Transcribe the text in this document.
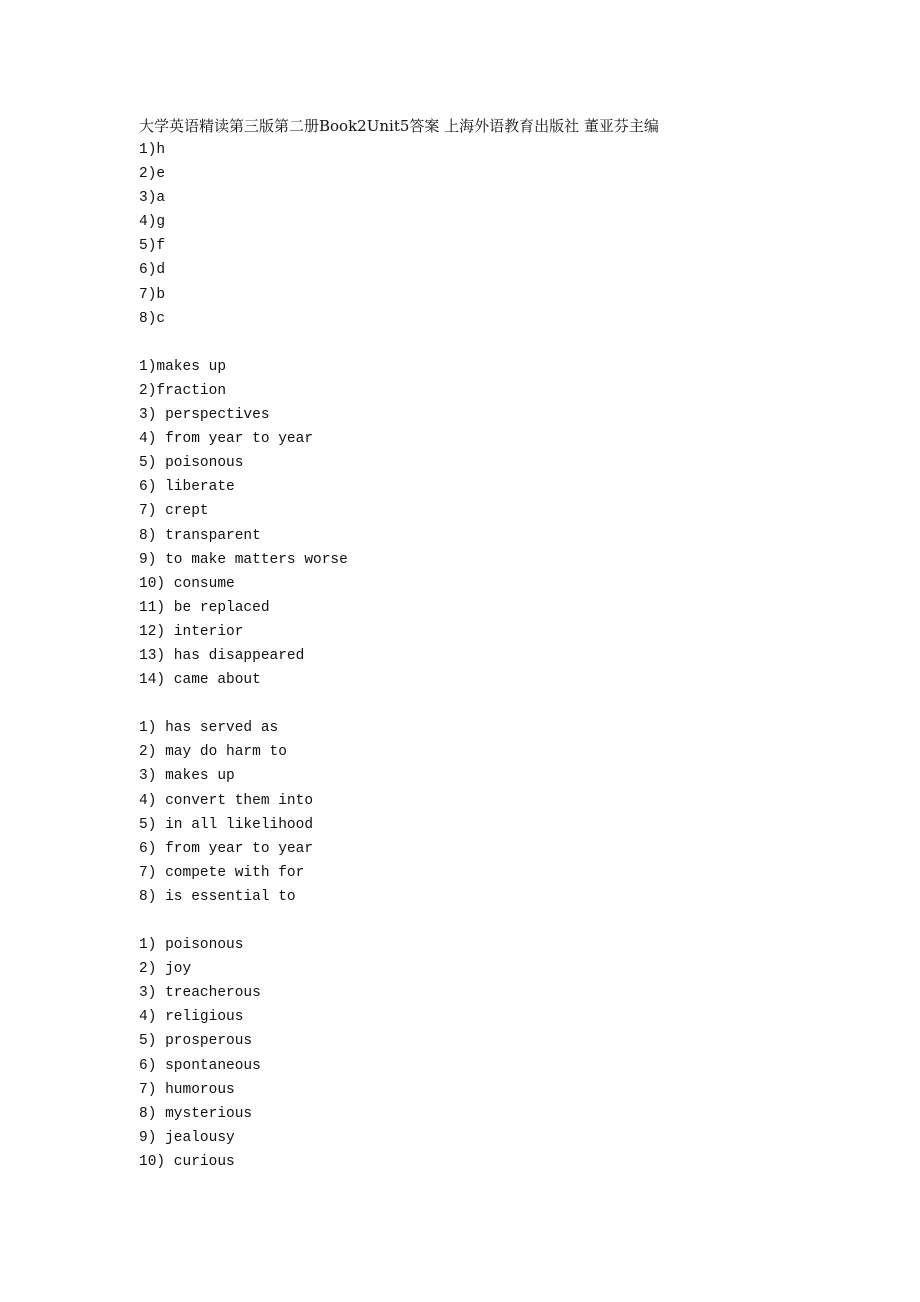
大学英语精读第三版第二册Book2Unit5答案 上海外语教育出版社 董亚芬主编
1)h
2)e
3)a
4)g
5)f
6)d
7)b
8)c
1)makes up
2)fraction
3) perspectives
4) from year to year
5) poisonous
6) liberate
7) crept
8) transparent
9) to make matters worse
10) consume
11) be replaced
12) interior
13) has disappeared
14) came about
1) has served as
2) may do harm to
3) makes up
4) convert them into
5) in all likelihood
6) from year to year
7) compete with for
8) is essential to
1) poisonous
2) joy
3) treacherous
4) religious
5) prosperous
6) spontaneous
7) humorous
8) mysterious
9) jealousy
10) curious
